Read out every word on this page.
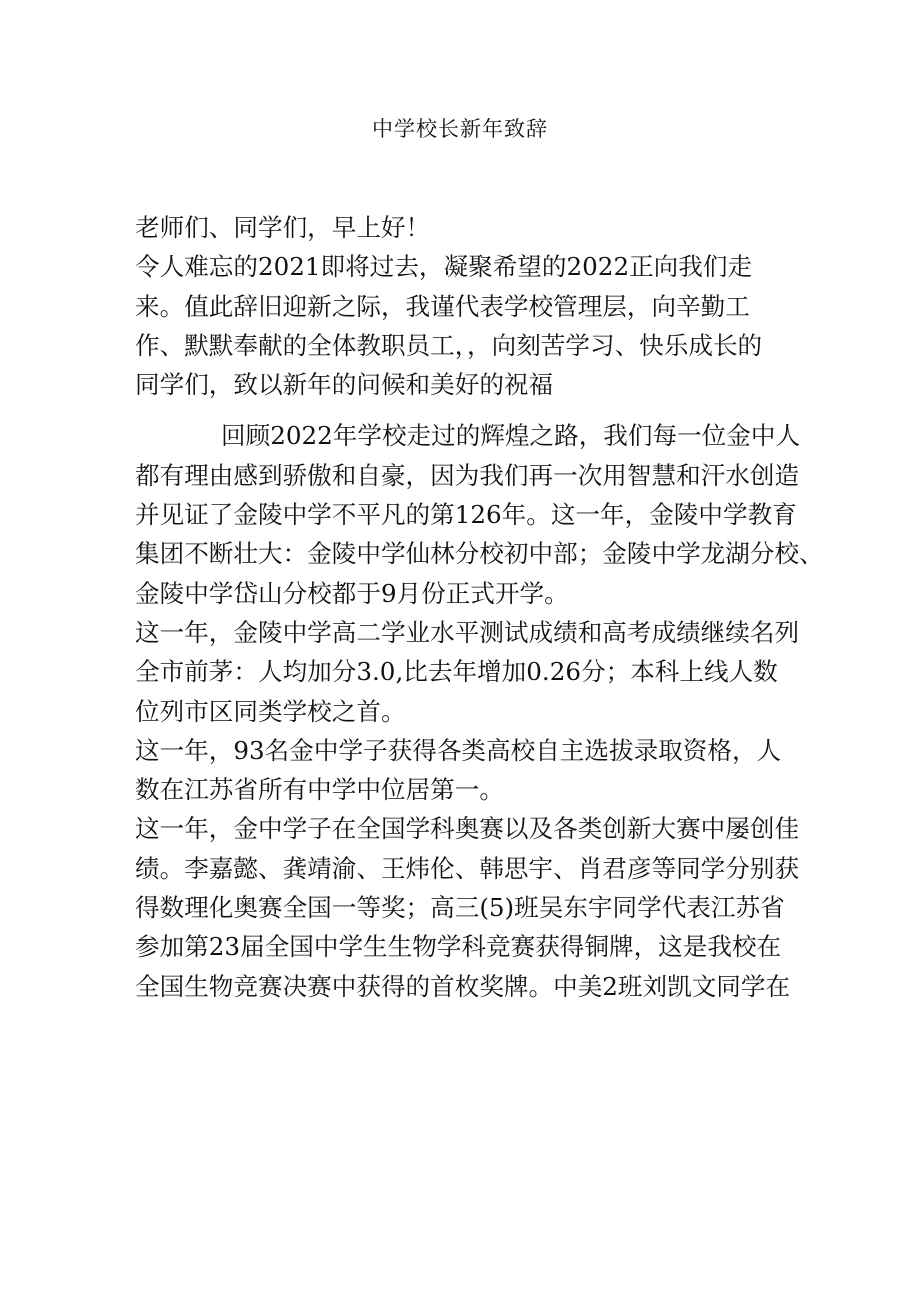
中学校长新年致辞
老师们、同学们，早上好！
令人难忘的2021即将过去，凝聚希望的2022正向我们走
来。值此辞旧迎新之际，我谨代表学校管理层，向辛勤工
作、默默奉献的全体教职员工，，向刻苦学习、快乐成长的
同学们，致以新年的问候和美好的祝福
回顾2022年学校走过的辉煌之路，我们每一位金中人
都有理由感到骄傲和自豪，因为我们再一次用智慧和汗水创造
并见证了金陵中学不平凡的第126年。这一年，金陵中学教育
集团不断壮大：金陵中学仙林分校初中部；金陵中学龙湖分校、
金陵中学岱山分校都于9月份正式开学。
这一年，金陵中学高二学业水平测试成绩和高考成绩继续名列
全市前茅：人均加分3.0,比去年增加0.26分；本科上线人数
位列市区同类学校之首。
这一年，93名金中学子获得各类高校自主选拔录取资格，人
数在江苏省所有中学中位居第一。
这一年，金中学子在全国学科奥赛以及各类创新大赛中屡创佳
绩。李嘉懿、龚靖渝、王炜伦、韩思宇、肖君彦等同学分别获
得数理化奥赛全国一等奖；高三(5)班吴东宇同学代表江苏省
参加第23届全国中学生生物学科竞赛获得铜牌，这是我校在
全国生物竞赛决赛中获得的首枚奖牌。中美2班刘凯文同学在
